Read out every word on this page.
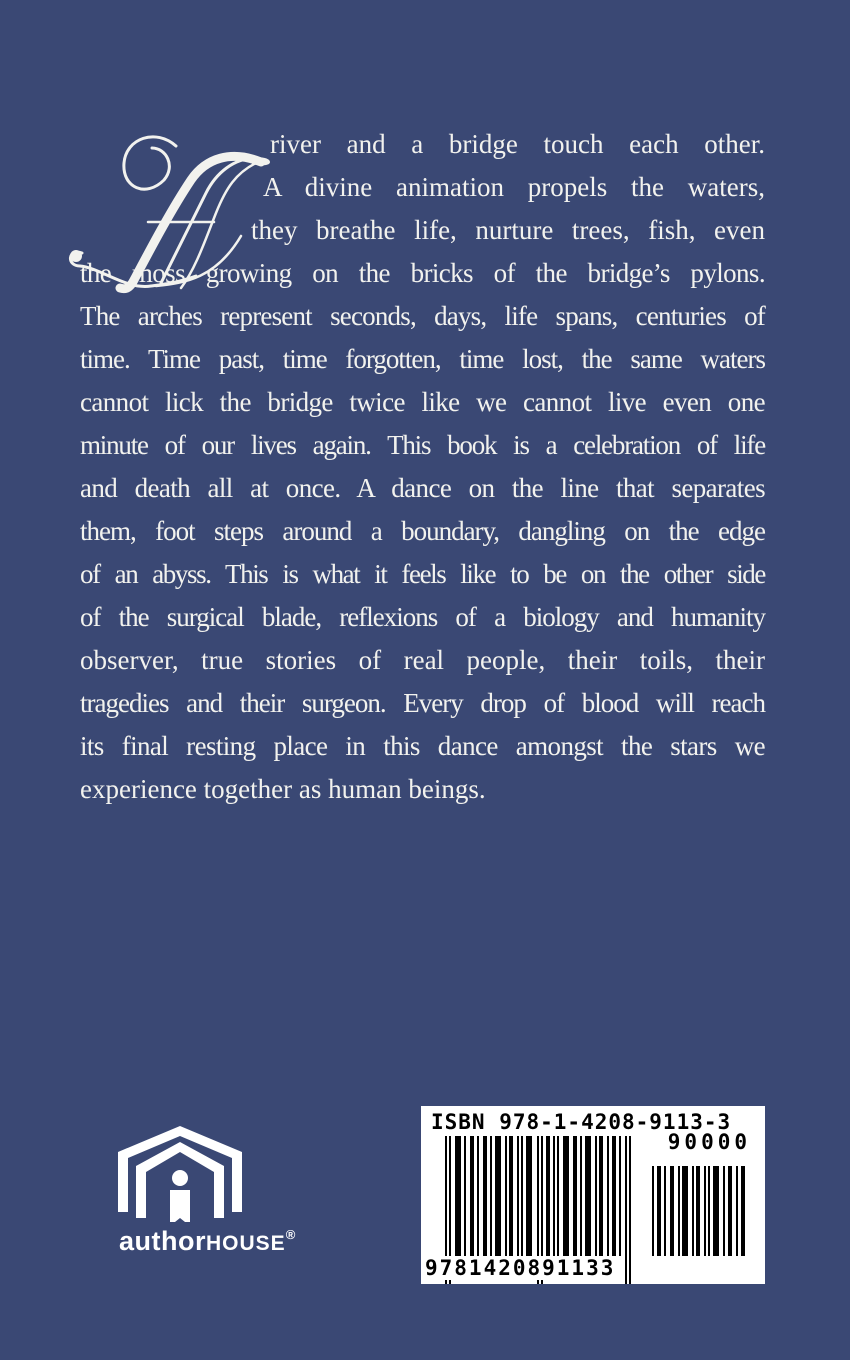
river and a bridge touch each other.
A divine animation propels the waters,
they breathe life, nurture trees, fish, even
the moss growing on the bricks of the bridge’s pylons.
The arches represent seconds, days, life spans, centuries of
time. Time past, time forgotten, time lost, the same waters
cannot lick the bridge twice like we cannot live even one
minute of our lives again. This book is a celebration of life
and death all at once. A dance on the line that separates
them, foot steps around a boundary, dangling on the edge
of an abyss. This is what it feels like to be on the other side
of the surgical blade, reflexions of a biology and humanity
observer, true stories of real people, their toils, their
tragedies and their surgeon. Every drop of blood will reach
its final resting place in this dance amongst the stars we
experience together as human beings.
authorHOUSE®
ISBN 978-1-4208-9113-3
90000
9781420891133
